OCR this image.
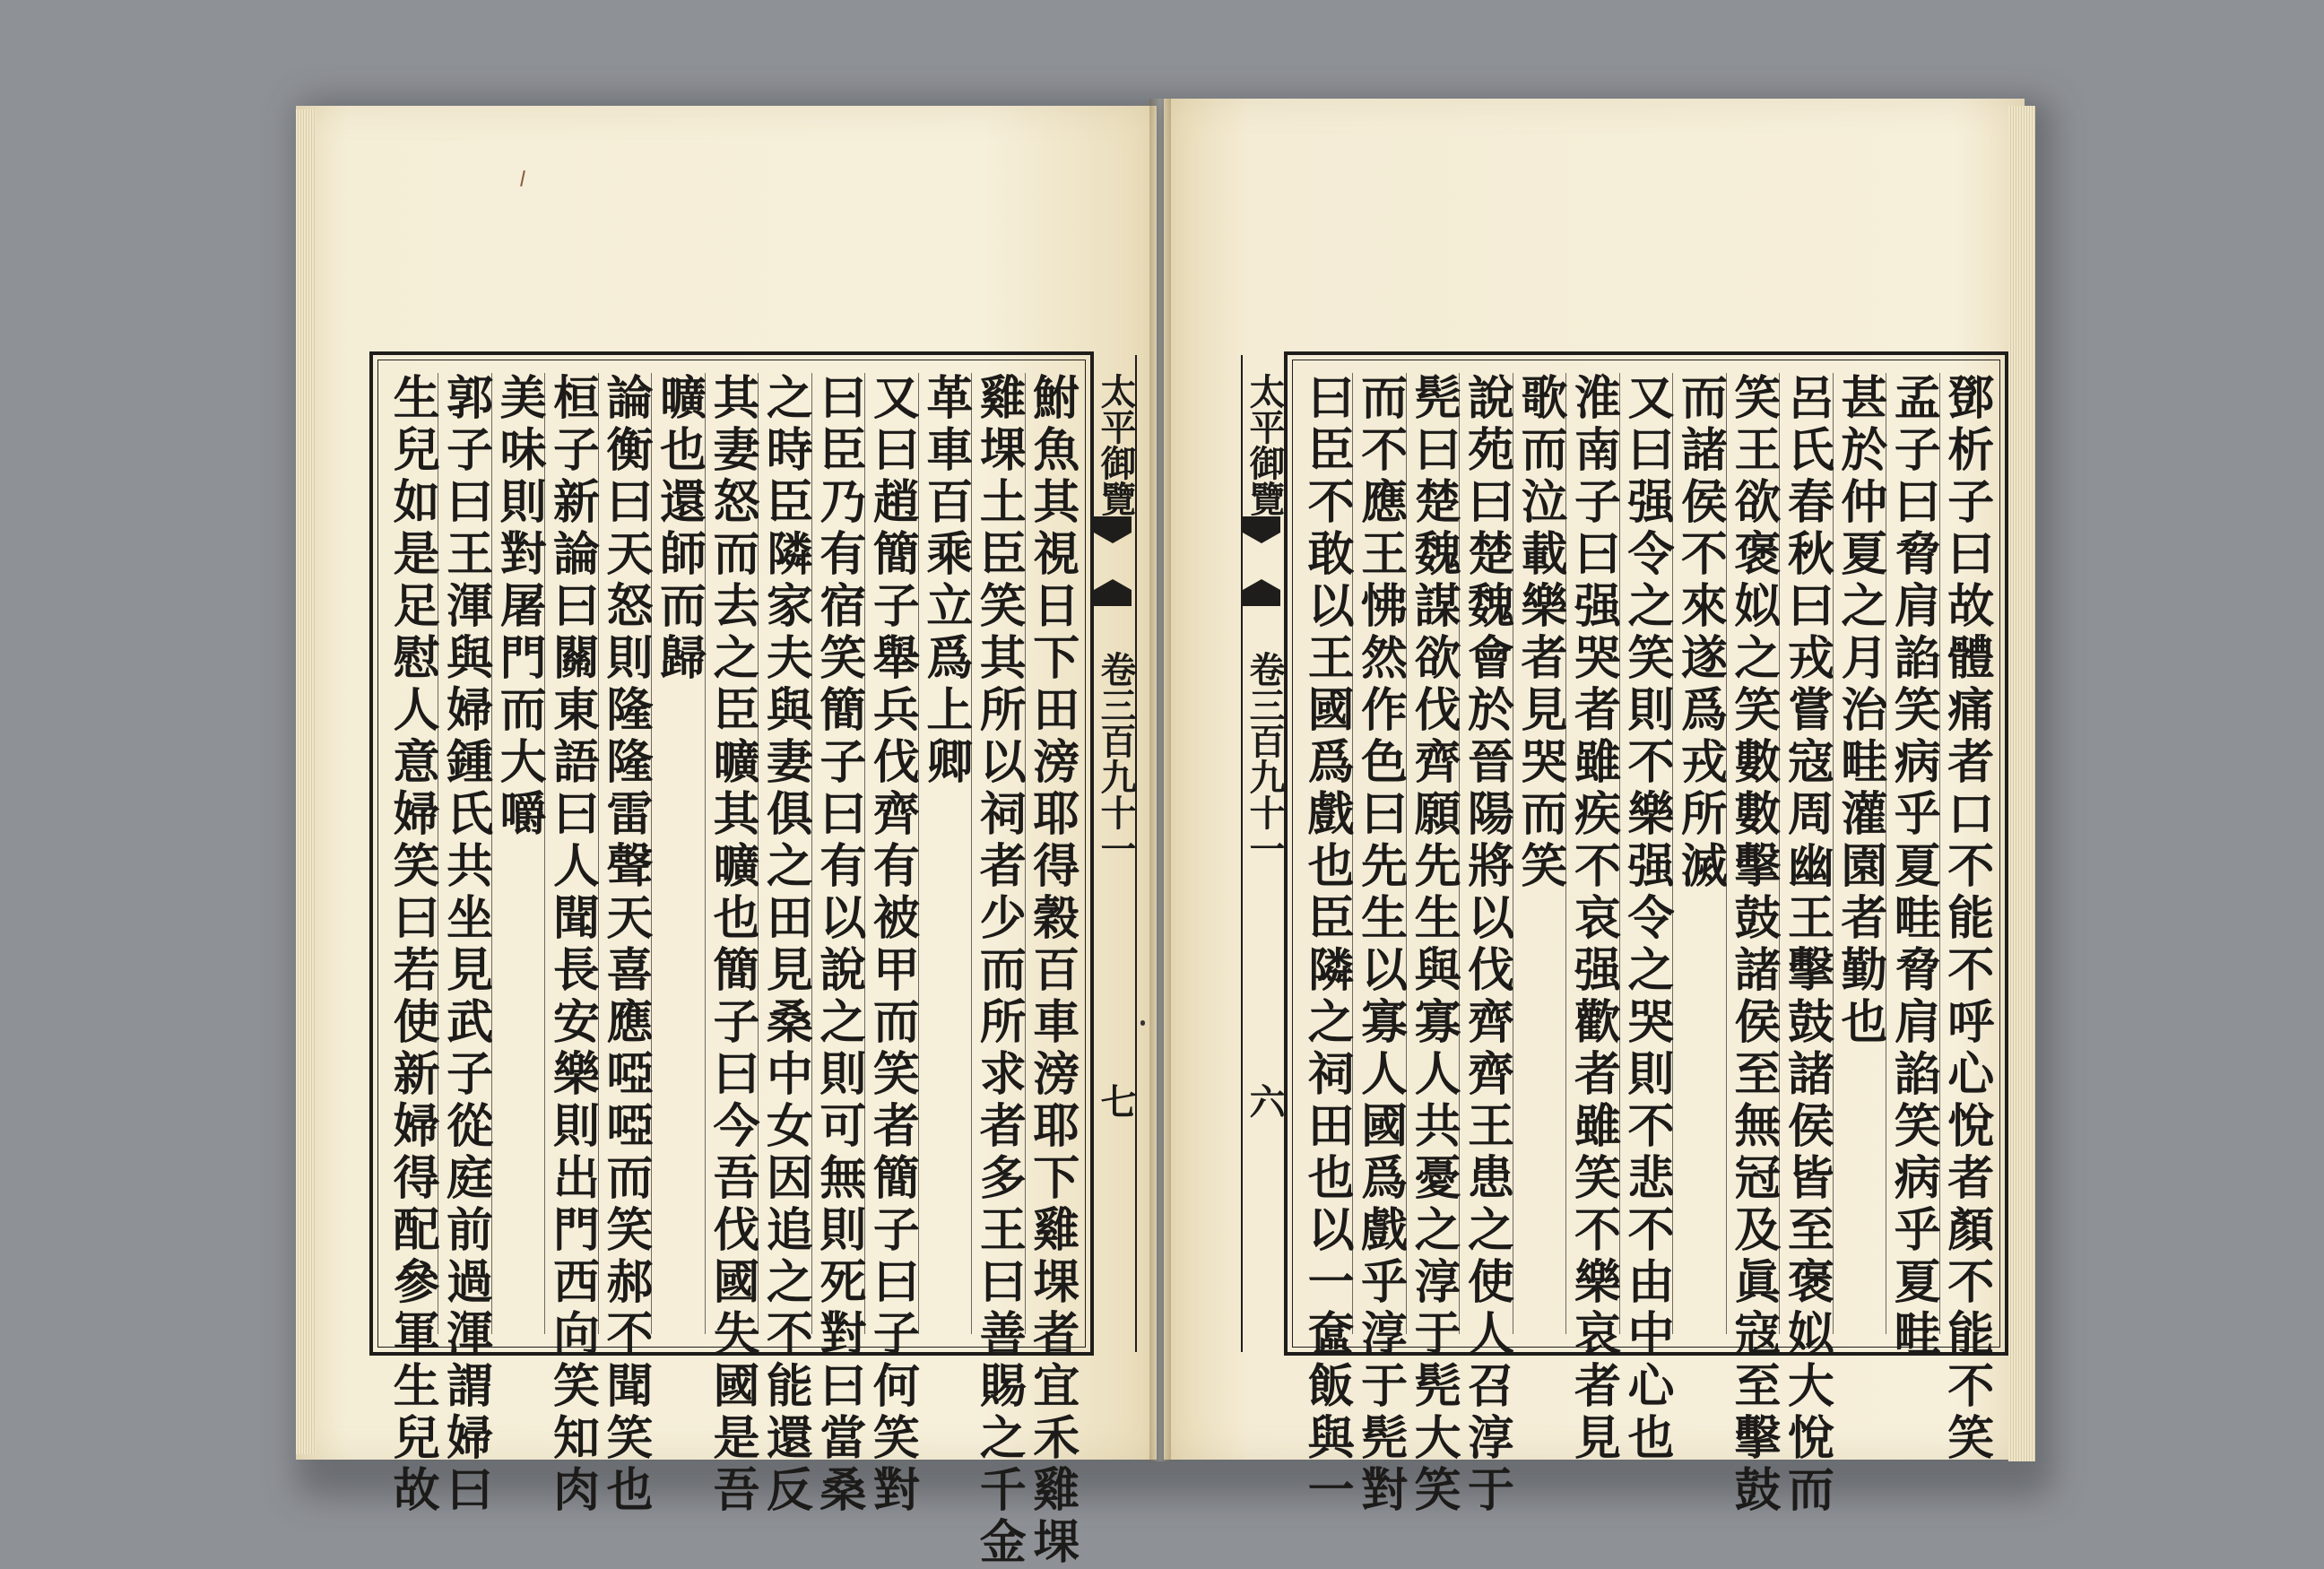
鮒魚其視日下田滂耶得穀百車滂耶下雞堁者宜禾雞堁
雞堁土臣笑其所以祠者少而所求者多王曰善賜之千金
革車百乘立爲上卿
又曰趙簡子舉兵伐齊有被甲而笑者簡子曰子何笑對
曰臣乃有宿笑簡子曰有以說之則可無則死對曰當桑
之時臣隣家夫與妻俱之田見桑中女因追之不能還反
其妻怒而去之臣曠其曠也簡子曰今吾伐國失國是吾
曠也還師而歸
論衡曰天怒則隆隆雷聲天喜應啞啞而笑郝不聞笑也
桓子新論曰關東語曰人聞長安樂則出門西向笑知肉
美味則對屠門而大嚼
郭子曰王渾與婦鍾氏共坐見武子從庭前過渾謂婦曰
生兒如是足慰人意婦笑曰若使新婦得配參軍生兒故	太平御覽
卷三百九十一
七	鄧析子曰故體痛者口不能不呼心悅者顏不能不笑
孟子曰脅肩諂笑病乎夏畦脅肩諂笑病乎夏畦
甚於仲夏之月治畦灌園者勤也
呂氏春秋曰戎嘗寇周幽王擊鼓諸侯皆至褒姒大悅而
笑王欲褒姒之笑數數擊鼓諸侯至無冠及眞寇至擊鼓
而諸侯不來遂爲戎所滅
又曰强令之笑則不樂强令之哭則不悲不由中心也
淮南子曰强哭者雖疾不哀强歡者雖笑不樂哀者見
歌而泣載樂者見哭而笑
說苑曰楚魏會於晉陽將以伐齊齊王患之使人召淳于
髡曰楚魏謀欲伐齊願先生與寡人共憂之淳于髡大笑
而不應王怫然作色曰先生以寡人國爲戲乎淳于髡對
曰臣不敢以王國爲戲也臣隣之祠田也以一奩飯與一
太平御覽
卷三百九十一
六
